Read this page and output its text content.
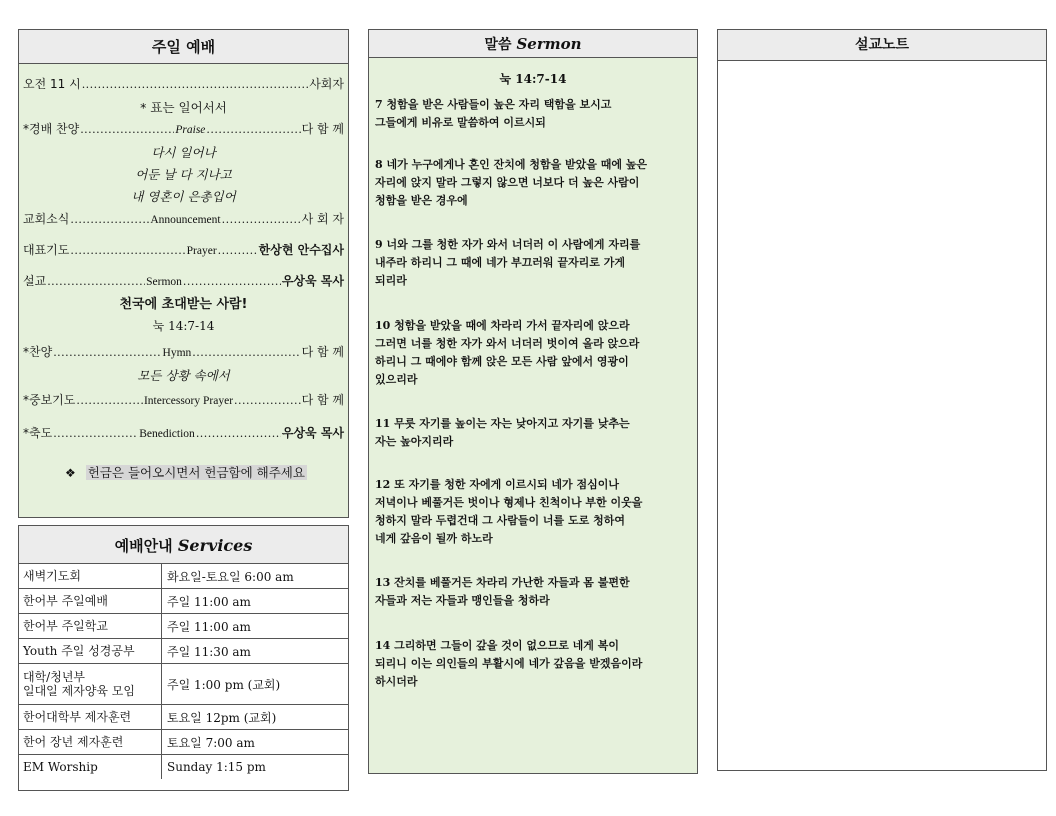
주일 예배
오전 11 시 .....	사회자
* 표는 일어서서
*경배 찬양 .....	Praise .....	다 함 께
다시 일어나
어둔 날 다 지나고
내 영혼이 은총입어
교회소식 .....	Announcement .....	사 회 자
대표기도 .....	Prayer .....	한상현 안수집사
설교 .....	Sermon .....	우상욱 목사
천국에 초대받는 사람!
눅 14:7-14
*찬양 .....	Hymn .....	다 함 께
모든 상황 속에서
*중보기도 .....	Intercessory Prayer .....	다 함 께
*축도 .....	Benediction .....	우상욱 목사
❖ 헌금은 들어오시면서 헌금함에 해주세요
예배안내 Services
새벽기도회	화요일-토요일 6:00 am
한어부 주일예배	주일 11:00 am
한어부 주일학교	주일 11:00 am
Youth 주일 성경공부	주일 11:30 am
대학/청년부
일대일 제자양육 모임	주일 1:00 pm (교회)
한어대학부 제자훈련	토요일 12pm (교회)
한어 장년 제자훈련	토요일 7:00 am
EM Worship	Sunday 1:15 pm
말씀 Sermon
눅 14:7-14
7 청함을 받은 사람들이 높은 자리 택함을 보시고
그들에게 비유로 말씀하여 이르시되
8 네가 누구에게나 혼인 잔치에 청함을 받았을 때에 높은
자리에 앉지 말라 그렇지 않으면 너보다 더 높은 사람이
청함을 받은 경우에
9 너와 그를 청한 자가 와서 너더러 이 사람에게 자리를
내주라 하리니 그 때에 네가 부끄러워 끝자리로 가게
되리라
10 청함을 받았을 때에 차라리 가서 끝자리에 앉으라
그러면 너를 청한 자가 와서 너더러 벗이여 올라 앉으라
하리니 그 때에야 함께 앉은 모든 사람 앞에서 영광이
있으리라
11 무릇 자기를 높이는 자는 낮아지고 자기를 낮추는
자는 높아지리라
12 또 자기를 청한 자에게 이르시되 네가 점심이나
저녁이나 베풀거든 벗이나 형제나 친척이나 부한 이웃을
청하지 말라 두렵건대 그 사람들이 너를 도로 청하여
네게 갚음이 될까 하노라
13 잔치를 베풀거든 차라리 가난한 자들과 몸 불편한
자들과 저는 자들과 맹인들을 청하라
14 그리하면 그들이 갚을 것이 없으므로 네게 복이
되리니 이는 의인들의 부활시에 네가 갚음을 받겠음이라
하시더라
설교노트
